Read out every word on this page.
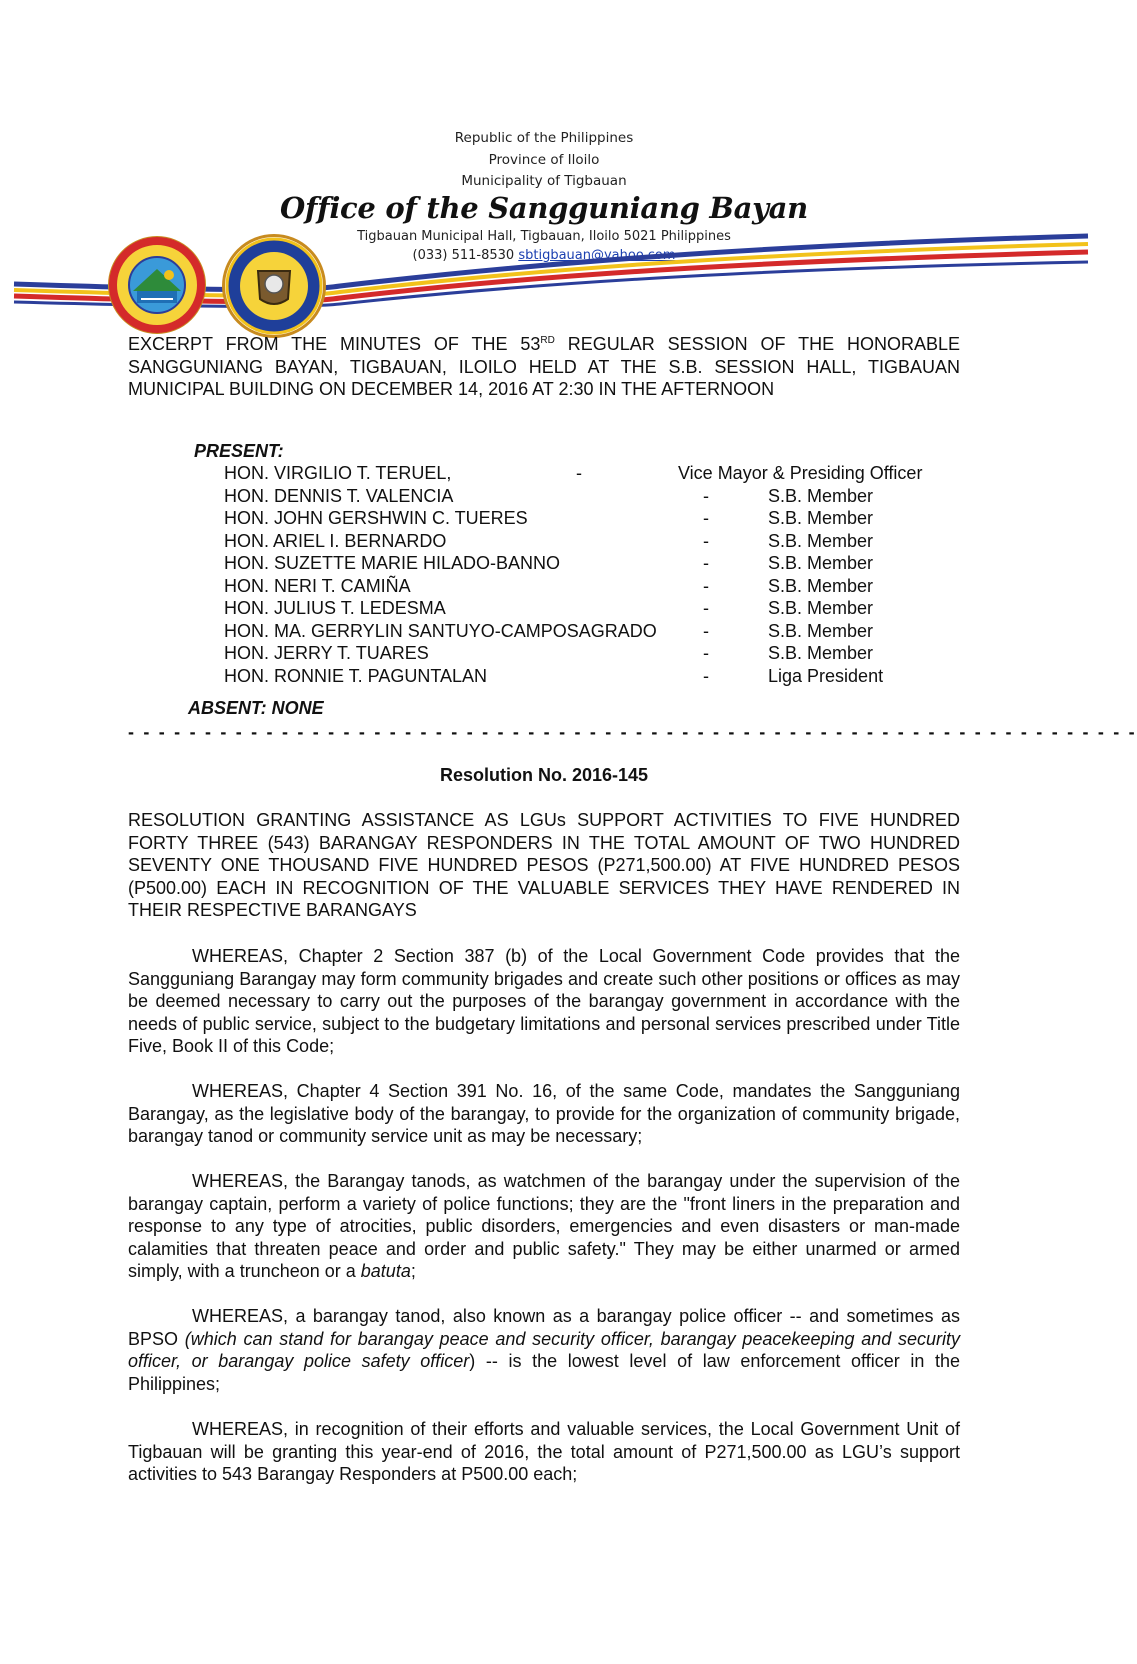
Republic of the Philippines
Province of Iloilo
Municipality of Tigbauan
Office of the Sangguniang Bayan
Tigbauan Municipal Hall, Tigbauan, Iloilo 5021 Philippines
(033) 511-8530 sbtigbauan@yahoo.com
EXCERPT FROM THE MINUTES OF THE 53RD REGULAR SESSION OF THE HONORABLE SANGGUNIANG BAYAN, TIGBAUAN, ILOILO HELD AT THE S.B. SESSION HALL, TIGBAUAN MUNICIPAL BUILDING ON DECEMBER 14, 2016 AT 2:30 IN THE AFTERNOON
PRESENT:
HON. VIRGILIO T. TERUEL,	-	Vice Mayor & Presiding Officer
HON. DENNIS T. VALENCIA	-	S.B. Member
HON. JOHN GERSHWIN C. TUERES	-	S.B. Member
HON. ARIEL I. BERNARDO	-	S.B. Member
HON. SUZETTE MARIE HILADO-BANNO	-	S.B. Member
HON. NERI T. CAMIÑA	-	S.B. Member
HON. JULIUS T. LEDESMA	-	S.B. Member
HON. MA. GERRYLIN SANTUYO-CAMPOSAGRADO	-	S.B. Member
HON. JERRY T. TUARES	-	S.B. Member
HON. RONNIE T. PAGUNTALAN	-	Liga President
ABSENT: NONE
- - - - - - - - - - - - - - - - - - - - - - - - - - - - - - - - - - - - - - - - - - - - - - - - - - - - - - - - - - - - - - - - - -
Resolution No. 2016-145
RESOLUTION GRANTING ASSISTANCE AS LGUs SUPPORT ACTIVITIES TO FIVE HUNDRED FORTY THREE (543) BARANGAY RESPONDERS IN THE TOTAL AMOUNT OF TWO HUNDRED SEVENTY ONE THOUSAND FIVE HUNDRED PESOS (P271,500.00) AT FIVE HUNDRED PESOS (P500.00) EACH IN RECOGNITION OF THE VALUABLE SERVICES THEY HAVE RENDERED IN THEIR RESPECTIVE BARANGAYS
WHEREAS, Chapter 2 Section 387 (b) of the Local Government Code provides that the Sangguniang Barangay may form community brigades and create such other positions or offices as may be deemed necessary to carry out the purposes of the barangay government in accordance with the needs of public service, subject to the budgetary limitations and personal services prescribed under Title Five, Book II of this Code;
WHEREAS, Chapter 4 Section 391 No. 16, of the same Code, mandates the Sangguniang Barangay, as the legislative body of the barangay, to provide for the organization of community brigade, barangay tanod or community service unit as may be necessary;
WHEREAS, the Barangay tanods, as watchmen of the barangay under the supervision of the barangay captain, perform a variety of police functions; they are the "front liners in the preparation and response to any type of atrocities, public disorders, emergencies and even disasters or man-made calamities that threaten peace and order and public safety." They may be either unarmed or armed simply, with a truncheon or a batuta;
WHEREAS, a barangay tanod, also known as a barangay police officer -- and sometimes as BPSO (which can stand for barangay peace and security officer, barangay peacekeeping and security officer, or barangay police safety officer) -- is the lowest level of law enforcement officer in the Philippines;
WHEREAS, in recognition of their efforts and valuable services, the Local Government Unit of Tigbauan will be granting this year-end of 2016, the total amount of P271,500.00 as LGU’s support activities to 543 Barangay Responders at P500.00 each;
